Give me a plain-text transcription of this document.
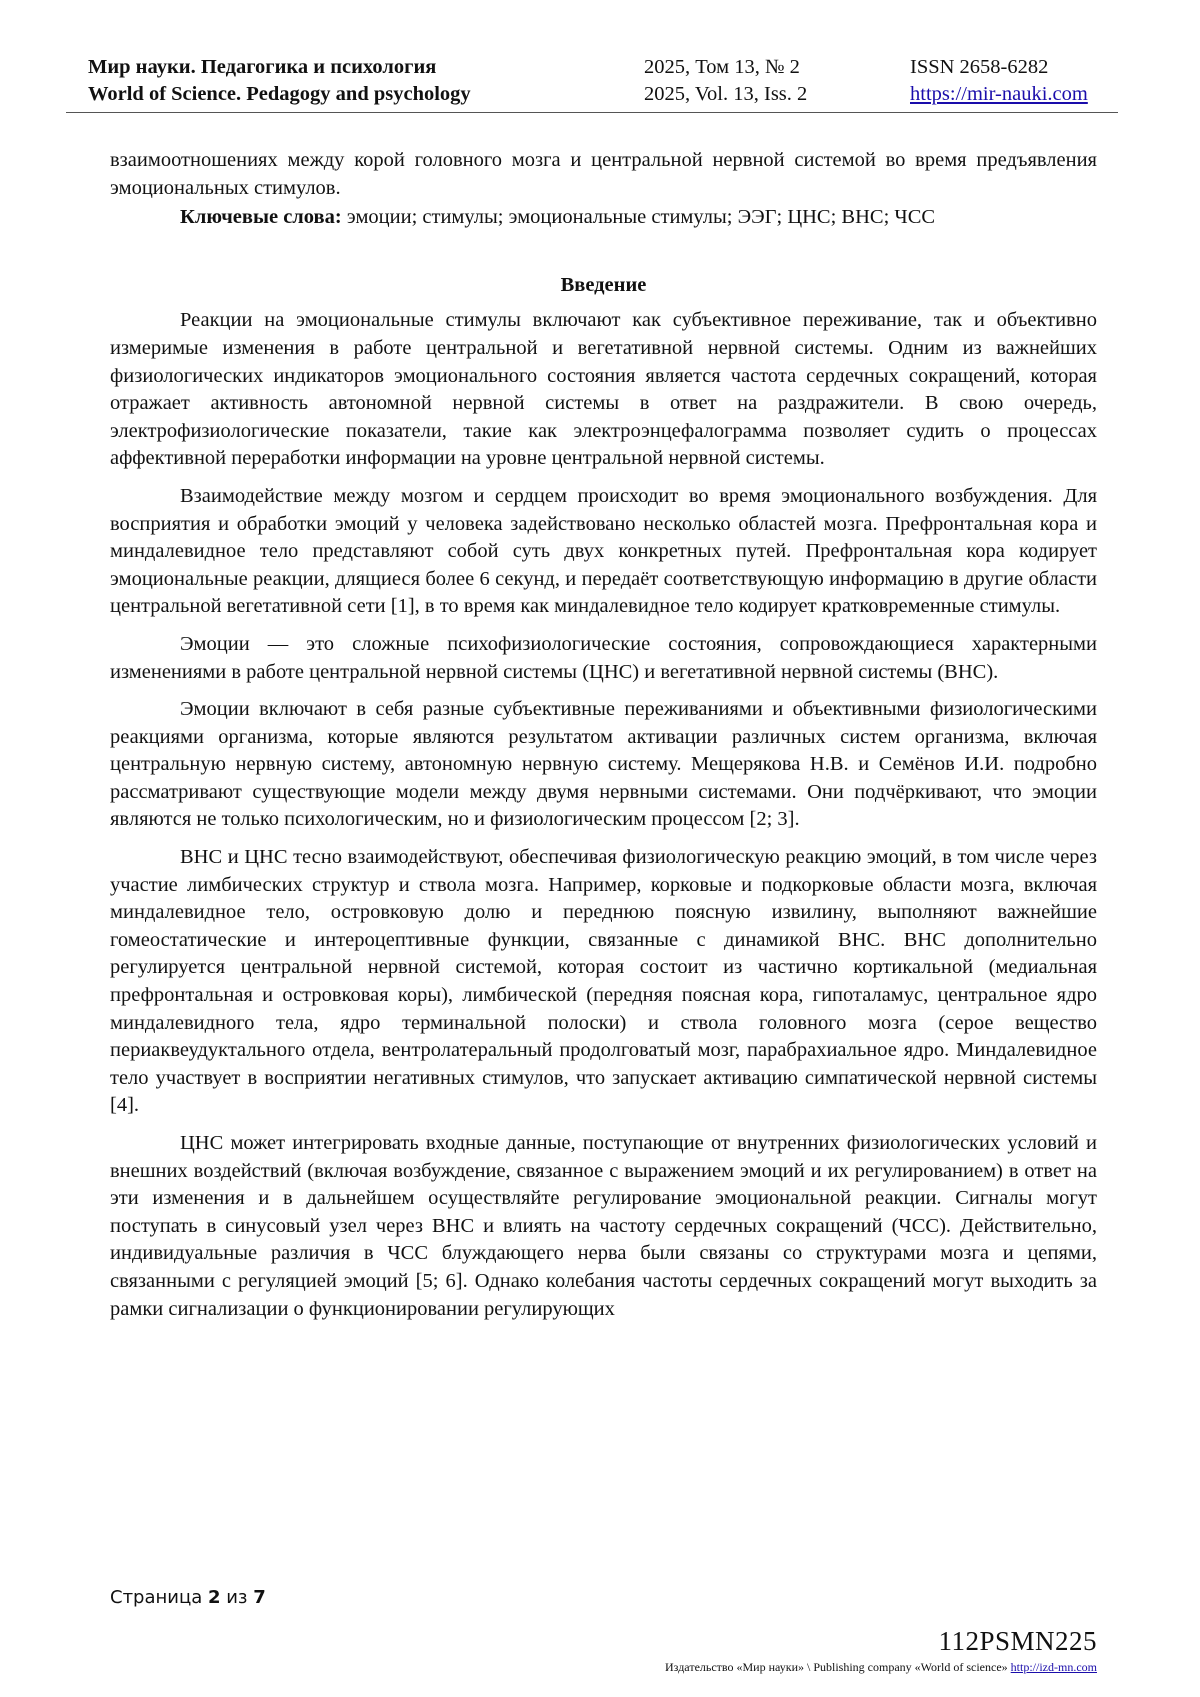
Мир науки. Педагогика и психология	2025, Том 13, № 2	ISSN 2658-6282
World of Science. Pedagogy and psychology	2025, Vol. 13, Iss. 2	https://mir-nauki.com

взаимоотношениях между корой головного мозга и центральной нервной системой во время предъявления эмоциональных стимулов.

Ключевые слова: эмоции; стимулы; эмоциональные стимулы; ЭЭГ; ЦНС; ВНС; ЧСС
Введение

Реакции на эмоциональные стимулы включают как субъективное переживание, так и объективно измеримые изменения в работе центральной и вегетативной нервной системы. Одним из важнейших физиологических индикаторов эмоционального состояния является частота сердечных сокращений, которая отражает активность автономной нервной системы в ответ на раздражители. В свою очередь, электрофизиологические показатели, такие как электроэнцефалограмма позволяет судить о процессах аффективной переработки информации на уровне центральной нервной системы.

Взаимодействие между мозгом и сердцем происходит во время эмоционального возбуждения. Для восприятия и обработки эмоций у человека задействовано несколько областей мозга. Префронтальная кора и миндалевидное тело представляют собой суть двух конкретных путей. Префронтальная кора кодирует эмоциональные реакции, длящиеся более 6 секунд, и передаёт соответствующую информацию в другие области центральной вегетативной сети [1], в то время как миндалевидное тело кодирует кратковременные стимулы.

Эмоции — это сложные психофизиологические состояния, сопровождающиеся характерными изменениями в работе центральной нервной системы (ЦНС) и вегетативной нервной системы (ВНС).

Эмоции включают в себя разные субъективные переживаниями и объективными физиологическими реакциями организма, которые являются результатом активации различных систем организма, включая центральную нервную систему, автономную нервную систему. Мещерякова Н.В. и Семёнов И.И. подробно рассматривают существующие модели между двумя нервными системами. Они подчёркивают, что эмоции являются не только психологическим, но и физиологическим процессом [2; 3].

ВНС и ЦНС тесно взаимодействуют, обеспечивая физиологическую реакцию эмоций, в том числе через участие лимбических структур и ствола мозга. Например, корковые и подкорковые области мозга, включая миндалевидное тело, островковую долю и переднюю поясную извилину, выполняют важнейшие гомеостатические и интероцептивные функции, связанные с динамикой ВНС. ВНС дополнительно регулируется центральной нервной системой, которая состоит из частично кортикальной (медиальная префронтальная и островковая коры), лимбической (передняя поясная кора, гипоталамус, центральное ядро миндалевидного тела, ядро терминальной полоски) и ствола головного мозга (серое вещество периаквеудуктального отдела, вентролатеральный продолговатый мозг, парабрахиальное ядро. Миндалевидное тело участвует в восприятии негативных стимулов, что запускает активацию симпатической нервной системы [4].

ЦНС может интегрировать входные данные, поступающие от внутренних физиологических условий и внешних воздействий (включая возбуждение, связанное с выражением эмоций и их регулированием) в ответ на эти изменения и в дальнейшем осуществляйте регулирование эмоциональной реакции. Сигналы могут поступать в синусовый узел через ВНС и влиять на частоту сердечных сокращений (ЧСС). Действительно, индивидуальные различия в ЧСС блуждающего нерва были связаны со структурами мозга и цепями, связанными с регуляцией эмоций [5; 6]. Однако колебания частоты сердечных сокращений могут выходить за рамки сигнализации о функционировании регулирующих

Страница 2 из 7
112PSMN225
Издательство «Мир науки» \ Publishing company «World of science» http://izd-mn.com
